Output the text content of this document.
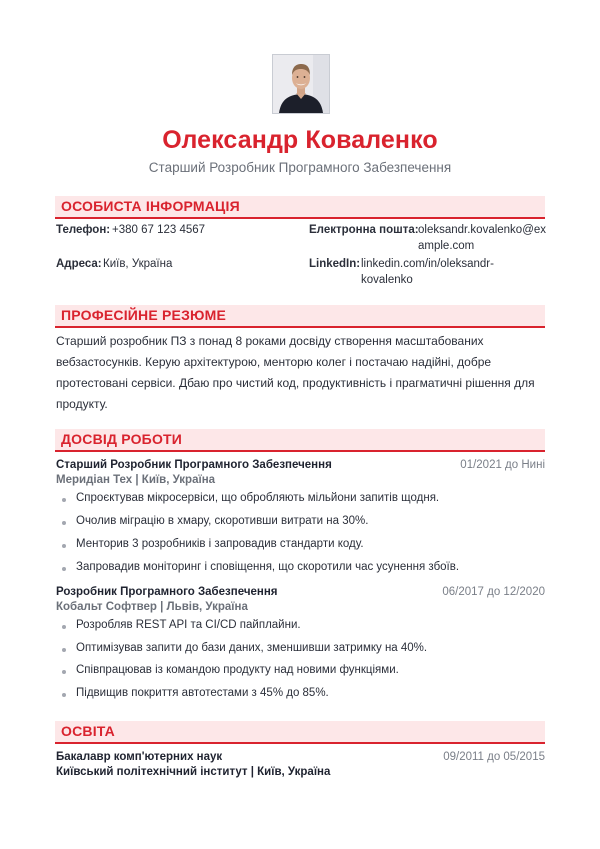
Олександр Коваленко
Старший Розробник Програмного Забезпечення
ОСОБИСТА ІНФОРМАЦІЯ
Телефон: +380 67 123 4567
Адреса: Київ, Україна
Електронна пошта: oleksandr.kovalenko@ex
ample.com
LinkedIn: linkedin.com/in/oleksandr-
kovalenko
ПРОФЕСІЙНЕ РЕЗЮМЕ
Старший розробник ПЗ з понад 8 роками досвіду створення масштабованих вебзастосунків. Керую архітектурою, менторю колег і постачаю надійні, добре протестовані сервіси. Дбаю про чистий код, продуктивність і прагматичні рішення для продукту.
ДОСВІД РОБОТИ
Старший Розробник Програмного Забезпечення	01/2021 до Нині
Меридіан Тех | Київ, Україна
Спроєктував мікросервіси, що обробляють мільйони запитів щодня.
Очолив міграцію в хмару, скоротивши витрати на 30%.
Менторив 3 розробників і запровадив стандарти коду.
Запровадив моніторинг і сповіщення, що скоротили час усунення збоїв.
Розробник Програмного Забезпечення	06/2017 до 12/2020
Кобальт Софтвер | Львів, Україна
Розробляв REST API та CI/CD пайплайни.
Оптимізував запити до бази даних, зменшивши затримку на 40%.
Співпрацював із командою продукту над новими функціями.
Підвищив покриття автотестами з 45% до 85%.
ОСВІТА
Бакалавр комп'ютерних наук	09/2011 до 05/2015
Київський політехнічний інститут | Київ, Україна
